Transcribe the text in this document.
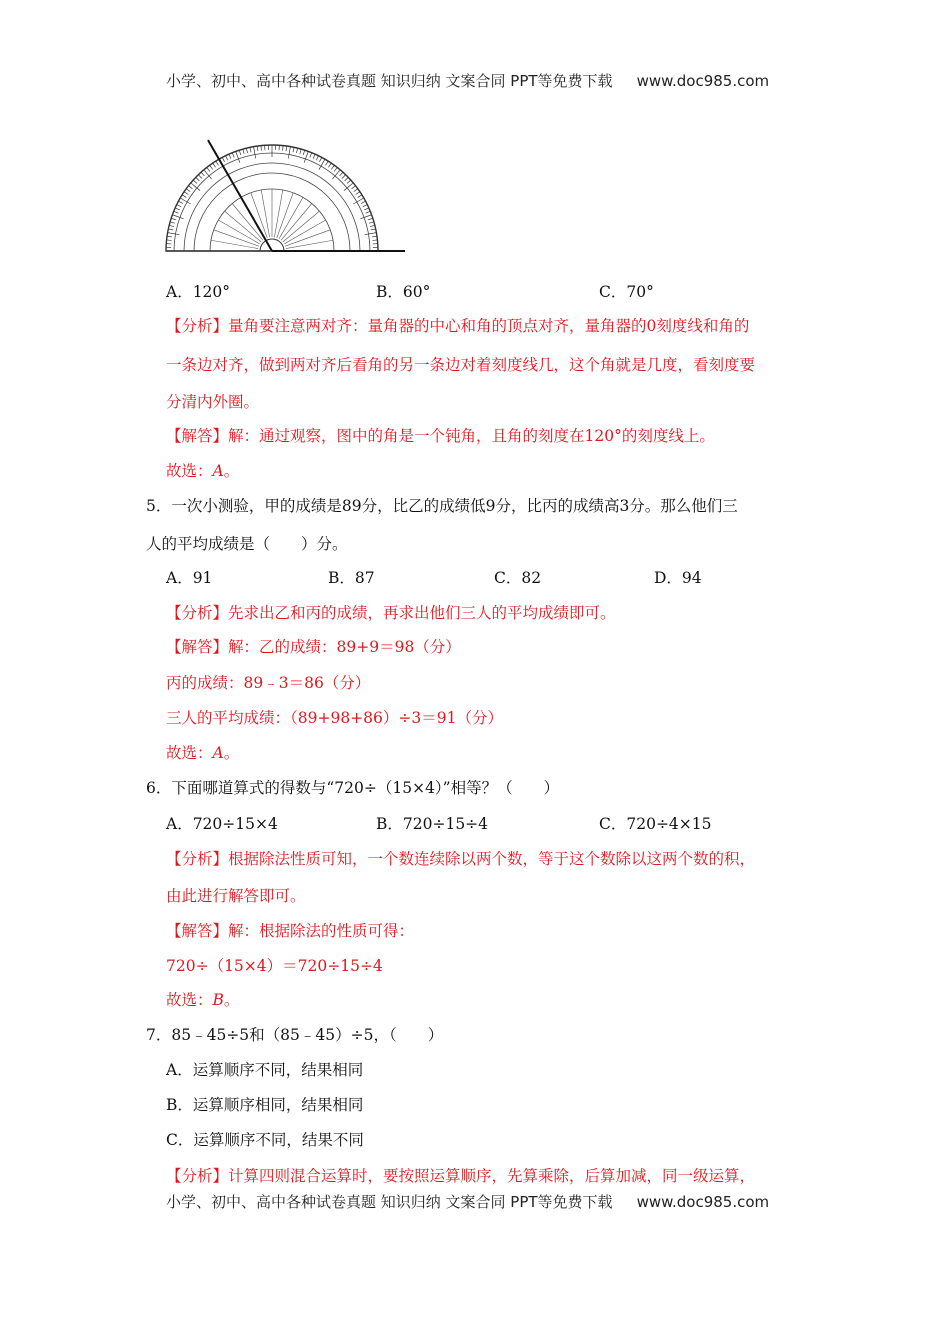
小学、初中、高中各种试卷真题 知识归纳 文案合同 PPT等免费下载 www.doc985.com
A．120°	B．60°	C．70°
【分析】量角要注意两对齐：量角器的中心和角的顶点对齐，量角器的0刻度线和角的
一条边对齐，做到两对齐后看角的另一条边对着刻度线几，这个角就是几度，看刻度要
分清内外圈。
【解答】解：通过观察，图中的角是一个钝角，且角的刻度在120°的刻度线上。
故选：A。
5．一次小测验，甲的成绩是89分，比乙的成绩低9分，比丙的成绩高3分。那么他们三
人的平均成绩是（　　）分。
A．91	B．87	C．82	D．94
【分析】先求出乙和丙的成绩，再求出他们三人的平均成绩即可。
【解答】解：乙的成绩：89+9＝98（分）
丙的成绩：89﹣3＝86（分）
三人的平均成绩：（89+98+86）÷3＝91（分）
故选：A。
6．下面哪道算式的得数与“720÷（15×4）”相等？（　　）
A．720÷15×4	B．720÷15÷4	C．720÷4×15
【分析】根据除法性质可知，一个数连续除以两个数，等于这个数除以这两个数的积，
由此进行解答即可。
【解答】解：根据除法的性质可得：
720÷（15×4）＝720÷15÷4
故选：B。
7．85﹣45÷5和（85﹣45）÷5，（　　）
A．运算顺序不同，结果相同
B．运算顺序相同，结果相同
C．运算顺序不同，结果不同
【分析】计算四则混合运算时，要按照运算顺序，先算乘除，后算加减，同一级运算，
小学、初中、高中各种试卷真题 知识归纳 文案合同 PPT等免费下载 www.doc985.com
